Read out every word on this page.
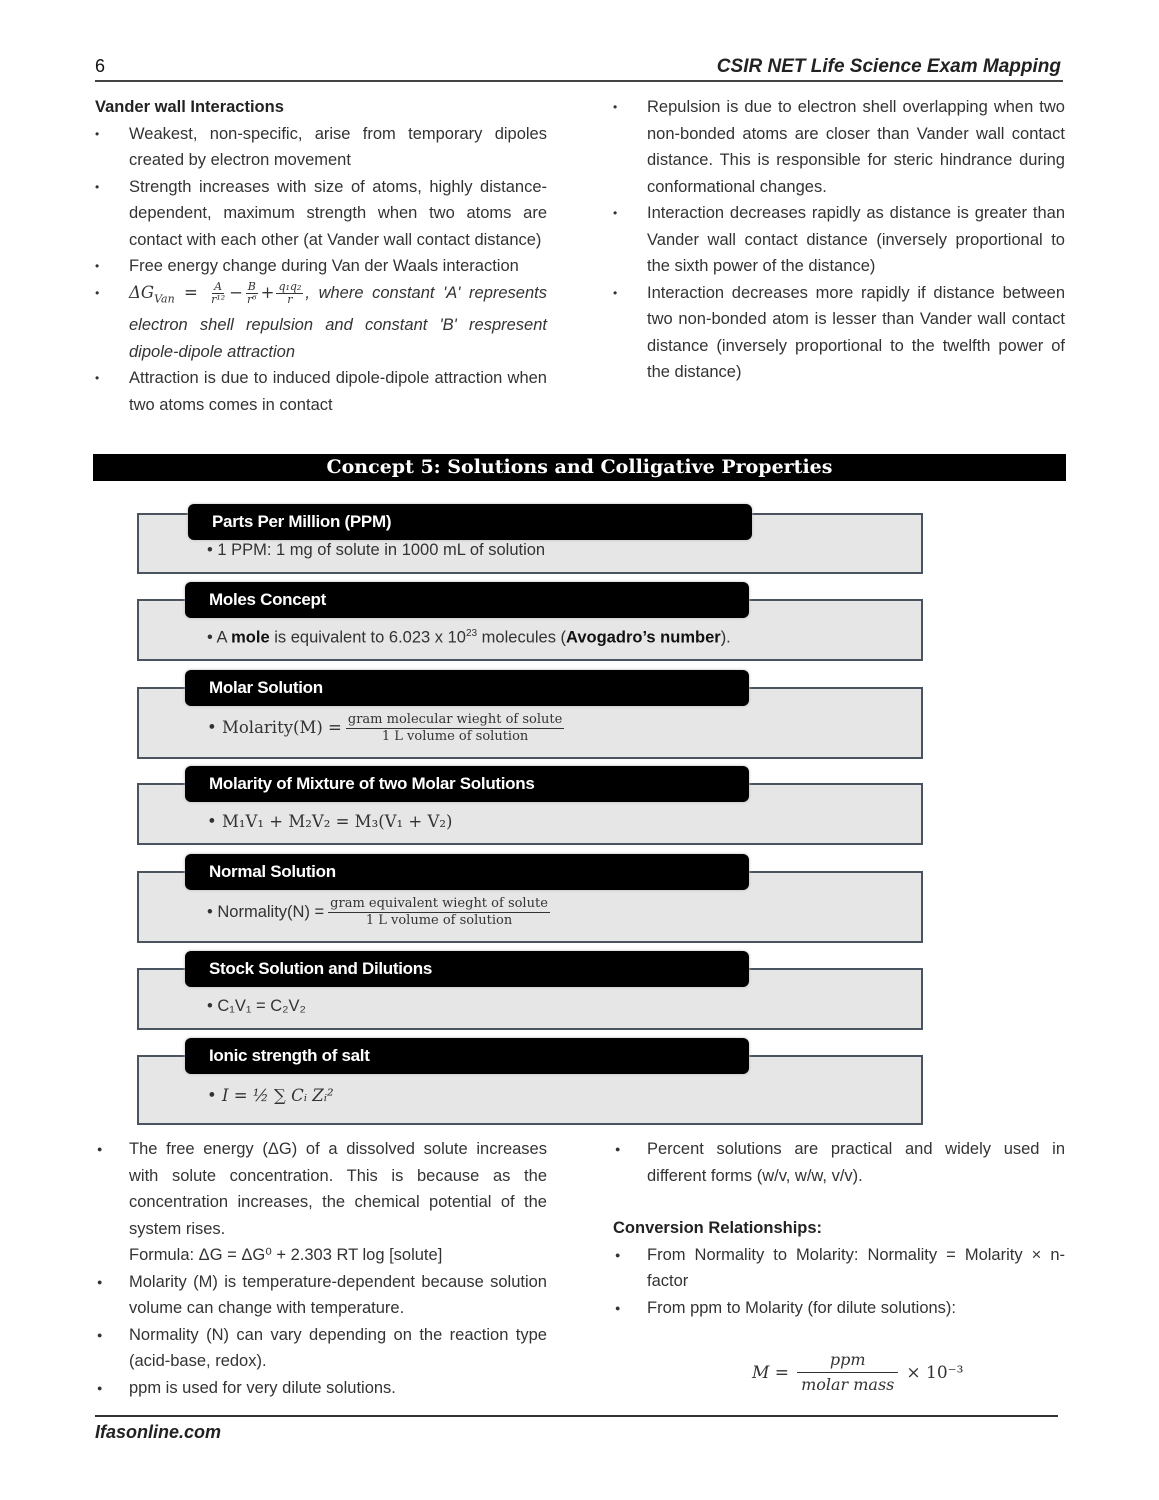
6	CSIR NET Life Science Exam Mapping
Vander wall Interactions
• Weakest, non-specific, arise from temporary dipoles created by electron movement
• Strength increases with size of atoms, highly distance-dependent, maximum strength when two atoms are contact with each other (at Vander wall contact distance)
• Free energy change during Van der Waals interaction
• $\Delta G_{Van} = \frac{A}{\text{r¹²}} - \frac{B}{\text{r⁶}} + \frac{\text{q₁q₂}}{r}$ , where constant 'A' represents electron shell repulsion and constant 'B' respresent dipole-dipole attraction
• Attraction is due to induced dipole-dipole attraction when two atoms comes in contact
• Repulsion is due to electron shell overlapping when two non-bonded atoms are closer than Vander wall contact distance. This is responsible for steric hindrance during conformational changes.
• Interaction decreases rapidly as distance is greater than Vander wall contact distance (inversely proportional to the sixth power of the distance)
• Interaction decreases more rapidly if distance between two non-bonded atom is lesser than Vander wall contact distance (inversely proportional to the twelfth power of the distance)
Concept 5: Solutions and Colligative Properties
Parts Per Million (PPM)
• 1 PPM: 1 mg of solute in 1000 mL of solution
Moles Concept
• A mole is equivalent to 6.023 x $10^{23}$ molecules (Avogadro’s number).
Molar Solution
• Molarity(M) = $\frac{\text{gram molecular wieght of solute}}{\text{1 L volume of solution}}$
Molarity of Mixture of two Molar Solutions
• M₁V₁ + M₂V₂ = M₃(V₁ + V₂)
Normal Solution
• Normality(N) = $\frac{\text{gram equivalent wieght of solute}}{\text{1 L volume of solution}}$
Stock Solution and Dilutions
• C₁V₁ = C₂V₂
Ionic strength of salt
• I = ½ ∑ Cᵢ Zᵢ²
● The free energy (ΔG) of a dissolved solute increases with solute concentration. This is because as the concentration increases, the chemical potential of the system rises.
Formula: ΔG = ΔG⁰ + 2.303 RT log [solute]
● Molarity (M) is temperature-dependent because solution volume can change with temperature.
● Normality (N) can vary depending on the reaction type (acid-base, redox).
● ppm is used for very dilute solutions.
● Percent solutions are practical and widely used in different forms (w/v, w/w, v/v).
Conversion Relationships:
● From Normality to Molarity: Normality = Molarity × n-factor
● From ppm to Molarity (for dilute solutions):
$M = \frac{\text{ppm}}{\text{molar mass}} \times 10^{-3}$
Ifasonline.com
